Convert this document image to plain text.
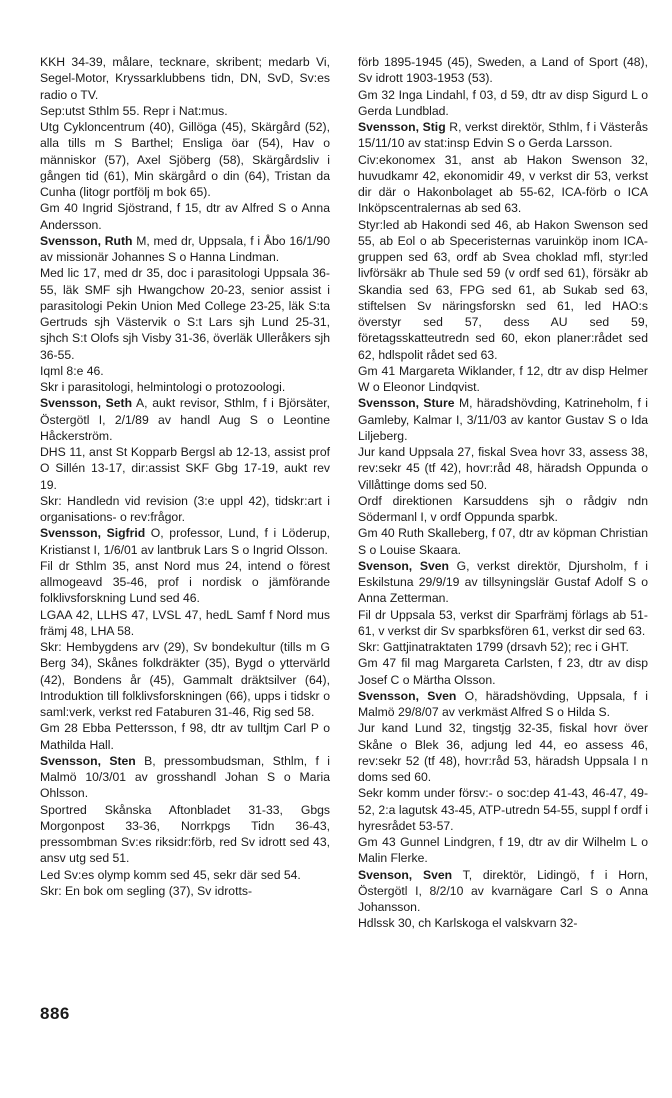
KKH 34-39, målare, tecknare, skribent; medarb Vi, Segel-Motor, Kryssarklubbens tidn, DN, SvD, Sv:es radio o TV.

Sep:utst Sthlm 55. Repr i Nat:mus.

Utg Cykloncentrum (40), Gillöga (45), Skärgård (52), alla tills m S Barthel; Ensliga öar (54), Hav o människor (57), Axel Sjöberg (58), Skärgårdsliv i gången tid (61), Min skärgård o din (64), Tristan da Cunha (litogr portfölj m bok 65).

Gm 40 Ingrid Sjöstrand, f 15, dtr av Alfred S o Anna Andersson.

Svensson, Ruth M, med dr, Uppsala, f i Åbo 16/1/90 av missionär Johannes S o Hanna Lindman.

Med lic 17, med dr 35, doc i parasitologi Uppsala 36-55, läk SMF sjh Hwangchow 20-23, senior assist i parasitologi Pekin Union Med College 23-25, läk S:ta Gertruds sjh Västervik o S:t Lars sjh Lund 25-31, sjhch S:t Olofs sjh Visby 31-36, överläk Ulleråkers sjh 36-55.

Iqml 8:e 46.

Skr i parasitologi, helmintologi o protozoologi.

Svensson, Seth A, aukt revisor, Sthlm, f i Björsäter, Östergötl I, 2/1/89 av handl Aug S o Leontine Håckerström.

DHS 11, anst St Kopparb Bergsl ab 12-13, assist prof O Sillén 13-17, dir:assist SKF Gbg 17-19, aukt rev 19.

Skr: Handledn vid revision (3:e uppl 42), tidskr:art i organisations- o rev:frågor.

Svensson, Sigfrid O, professor, Lund, f i Löderup, Kristianst I, 1/6/01 av lantbruk Lars S o Ingrid Olsson.

Fil dr Sthlm 35, anst Nord mus 24, intend o förest allmogeavd 35-46, prof i nordisk o jämförande folklivsforskning Lund sed 46.

LGAA 42, LLHS 47, LVSL 47, hedL Samf f Nord mus främj 48, LHA 58.

Skr: Hembygdens arv (29), Sv bondekultur (tills m G Berg 34), Skånes folkdräkter (35), Bygd o yttervärld (42), Bondens år (45), Gammalt dräktsilver (64), Introduktion till folklivsforskningen (66), upps i tidskr o saml:verk, verkst red Fataburen 31-46, Rig sed 58.

Gm 28 Ebba Pettersson, f 98, dtr av tulltjm Carl P o Mathilda Hall.

Svensson, Sten B, pressombudsman, Sthlm, f i Malmö 10/3/01 av grosshandl Johan S o Maria Ohlsson.

Sportred Skånska Aftonbladet 31-33, Gbgs Morgonpost 33-36, Norrkpgs Tidn 36-43, pressombman Sv:es riksidr:förb, red Sv idrott sed 43, ansv utg sed 51.

Led Sv:es olymp komm sed 45, sekr där sed 54.

Skr: En bok om segling (37), Sv idrotts-

förb 1895-1945 (45), Sweden, a Land of Sport (48), Sv idrott 1903-1953 (53).

Gm 32 Inga Lindahl, f 03, d 59, dtr av disp Sigurd L o Gerda Lundblad.

Svensson, Stig R, verkst direktör, Sthlm, f i Västerås 15/11/10 av stat:insp Edvin S o Gerda Larsson.

Civ:ekonomex 31, anst ab Hakon Swenson 32, huvudkamr 42, ekonomidir 49, v verkst dir 53, verkst dir där o Hakonbolaget ab 55-62, ICA-förb o ICA Inköpscentralernas ab sed 63.

Styr:led ab Hakondi sed 46, ab Hakon Swenson sed 55, ab Eol o ab Speceristernas varuinköp inom ICA-gruppen sed 63, ordf ab Svea choklad mfl, styr:led livförsäkr ab Thule sed 59 (v ordf sed 61), försäkr ab Skandia sed 63, FPG sed 61, ab Sukab sed 63, stiftelsen Sv näringsforskn sed 61, led HAO:s överstyr sed 57, dess AU sed 59, företagsskatteutredn sed 60, ekon planer:rådet sed 62, hdlspolit rådet sed 63.

Gm 41 Margareta Wiklander, f 12, dtr av disp Helmer W o Eleonor Lindqvist.

Svensson, Sture M, häradshövding, Katrineholm, f i Gamleby, Kalmar I, 3/11/03 av kantor Gustav S o Ida Liljeberg.

Jur kand Uppsala 27, fiskal Svea hovr 33, assess 38, rev:sekr 45 (tf 42), hovr:råd 48, häradsh Oppunda o Villåttinge doms sed 50.

Ordf direktionen Karsuddens sjh o rådgiv ndn Södermanl I, v ordf Oppunda sparbk.

Gm 40 Ruth Skalleberg, f 07, dtr av köpman Christian S o Louise Skaara.

Svenson, Sven G, verkst direktör, Djursholm, f i Eskilstuna 29/9/19 av tillsyningslär Gustaf Adolf S o Anna Zetterman.

Fil dr Uppsala 53, verkst dir Sparfrämj förlags ab 51-61, v verkst dir Sv sparbksfören 61, verkst dir sed 63.

Skr: Gattjinatraktaten 1799 (drsavh 52); rec i GHT.

Gm 47 fil mag Margareta Carlsten, f 23, dtr av disp Josef C o Märtha Olsson.

Svensson, Sven O, häradshövding, Uppsala, f i Malmö 29/8/07 av verkmäst Alfred S o Hilda S.

Jur kand Lund 32, tingstjg 32-35, fiskal hovr över Skåne o Blek 36, adjung led 44, eo assess 46, rev:sekr 52 (tf 48), hovr:råd 53, häradsh Uppsala I n doms sed 60.

Sekr komm under försv:- o soc:dep 41-43, 46-47, 49-52, 2:a lagutsk 43-45, ATP-utredn 54-55, suppl f ordf i hyresrådet 53-57.

Gm 43 Gunnel Lindgren, f 19, dtr av dir Wilhelm L o Malin Flerke.

Svenson, Sven T, direktör, Lidingö, f i Horn, Östergötl I, 8/2/10 av kvarnägare Carl S o Anna Johansson.

Hdlssk 30, ch Karlskoga el valskvarn 32-

886
